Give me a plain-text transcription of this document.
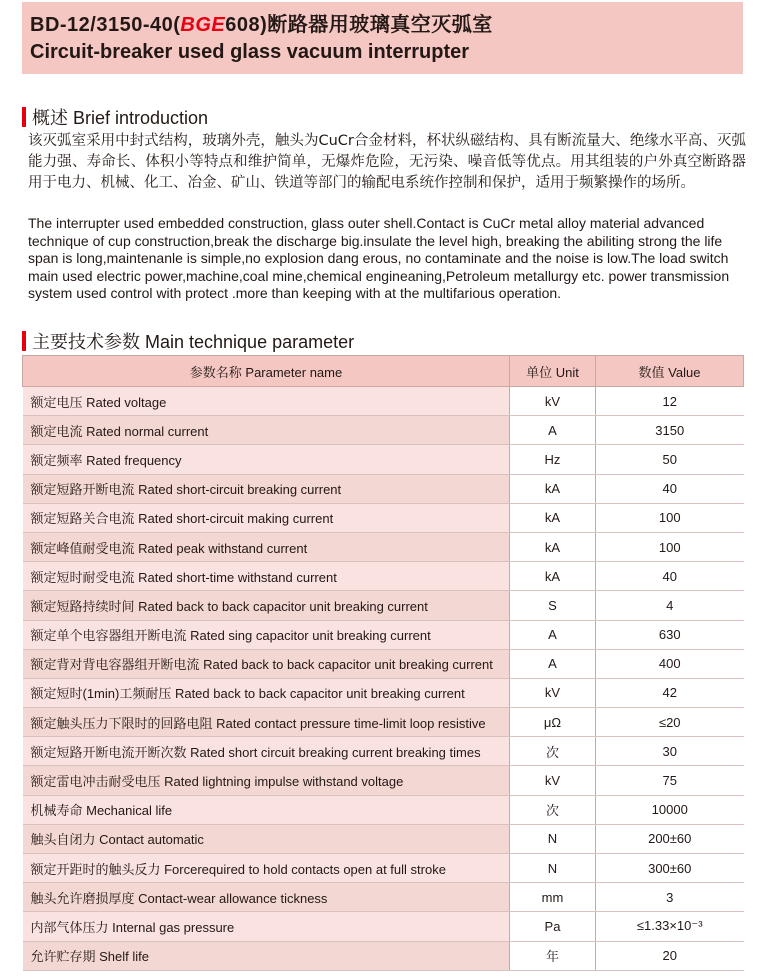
BD-12/3150-40(BGE608)断路器用玻璃真空灭弧室
Circuit-breaker used glass vacuum interrupter
概述 Brief introduction
该灭弧室采用中封式结构，玻璃外壳，触头为CuCr合金材料，杯状纵磁结构、具有断流量大、绝缘水平高、灭弧能力强、寿命长、体积小等特点和维护简单，无爆炸危险，无污染、噪音低等优点。用其组装的户外真空断路器用于电力、机械、化工、冶金、矿山、铁道等部门的输配电系统作控制和保护，适用于频繁操作的场所。
The interrupter used embedded construction, glass outer shell.Contact is CuCr metal alloy material advanced technique of cup construction,break the discharge big.insulate the level high, breaking the abiliting strong the life span is long,maintenanle is simple,no explosion dang erous, no contaminate and the noise is low.The load switch main used electric power,machine,coal mine,chemical engineaning,Petroleum metallurgy etc. power transmission system used control with protect .more than keeping with at the multifarious operation.
主要技术参数 Main technique parameter
参数名称 Parameter name	单位 Unit	数值 Value
额定电压 Rated voltage	kV	12
额定电流 Rated normal current	A	3150
额定频率 Rated frequency	Hz	50
额定短路开断电流 Rated short-circuit breaking current	kA	40
额定短路关合电流 Rated short-circuit making current	kA	100
额定峰值耐受电流 Rated peak withstand current	kA	100
额定短时耐受电流 Rated short-time withstand current	kA	40
额定短路持续时间 Rated back to back capacitor unit breaking current	S	4
额定单个电容器组开断电流 Rated sing capacitor unit breaking current	A	630
额定背对背电容器组开断电流 Rated back to back capacitor unit breaking current	A	400
额定短时(1min)工频耐压 Rated back to back capacitor unit breaking current	kV	42
额定触头压力下限时的回路电阻 Rated contact pressure time-limit loop resistive	μΩ	≤20
额定短路开断电流开断次数 Rated short circuit breaking current breaking times	次	30
额定雷电冲击耐受电压 Rated lightning impulse withstand voltage	kV	75
机械寿命 Mechanical life	次	10000
触头自闭力 Contact automatic	N	200±60
额定开距时的触头反力 Forcerequired to hold contacts open at full stroke	N	300±60
触头允许磨损厚度 Contact-wear allowance tickness	mm	3
内部气体压力 Internal gas pressure	Pa	≤1.33×10⁻³
允许贮存期 Shelf life	年	20
